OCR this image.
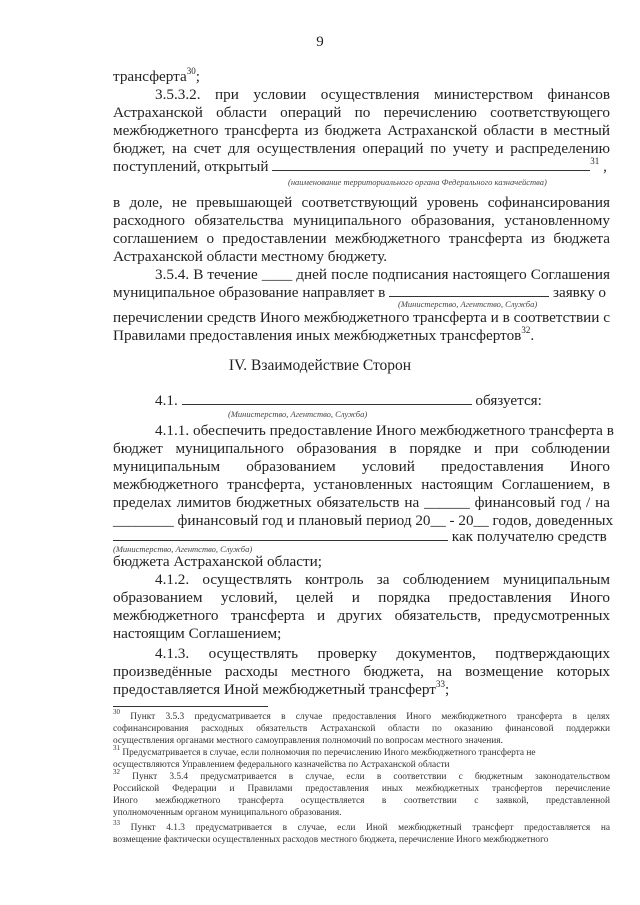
9
трансферта$^{30}$;
3.5.3.2. при условии осуществления министерством финансов
Астраханской области операций по перечислению соответствующего
межбюджетного трансферта из бюджета Астраханской области в местный
бюджет, на счет для осуществления операций по учету и распределению
поступлений, открытый	$^{31}$ ,
(наименование территориального органа Федерального казначейства)
в доле, не превышающей соответствующий уровень софинансирования
расходного обязательства муниципального образования, установленному
соглашением о предоставлении межбюджетного трансферта из бюджета
Астраханской области местному бюджету.
3.5.4. В течение ____ дней после подписания настоящего Соглашения
муниципальное образование направляет в	заявку о
(Министерство, Агентство, Служба)
перечислении средств Иного межбюджетного трансферта и в соответствии с
Правилами предоставления иных межбюджетных трансфертов$^{32}$.
IV. Взаимодействие Сторон
4.1.	обязуется:
(Министерство, Агентство, Служба)
4.1.1. обеспечить предоставление Иного межбюджетного трансферта в
бюджет муниципального образования в порядке и при соблюдении
муниципальным образованием условий предоставления Иного
межбюджетного трансферта, установленных настоящим Соглашением, в
пределах лимитов бюджетных обязательств на ______ финансовый год / на
________ финансовый год и плановый период 20__ - 20__ годов, доведенных
как получателю средств
(Министерство, Агентство, Служба)
бюджета Астраханской области;
4.1.2. осуществлять контроль за соблюдением муниципальным
образованием условий, целей и порядка предоставления Иного
межбюджетного трансферта и других обязательств, предусмотренных
настоящим Соглашением;
4.1.3. осуществлять проверку документов, подтверждающих
произведённые расходы местного бюджета, на возмещение которых
предоставляется Иной межбюджетный трансферт$^{33}$;
$^{30}$ Пункт 3.5.3 предусматривается в случае предоставления Иного межбюджетного трансферта в целях
софинансирования расходных обязательств Астраханской области по оказанию финансовой поддержки
осуществления органами местного самоуправления полномочий по вопросам местного значения.
$^{31}$ Предусматривается в случае, если полномочия по перечислению Иного межбюджетного трансферта не
осуществляются Управлением федерального казначейства по Астраханской области
$^{32}$ Пункт 3.5.4 предусматривается в случае, если в соответствии с бюджетным законодательством
Российской Федерации и Правилами предоставления иных межбюджетных трансфертов перечисление
Иного межбюджетного трансферта осуществляется в соответствии с заявкой, представленной
уполномоченным органом муниципального образования.
$^{33}$ Пункт 4.1.3 предусматривается в случае, если Иной межбюджетный трансферт предоставляется на
возмещение фактически осуществленных расходов местного бюджета, перечисление Иного межбюджетного
